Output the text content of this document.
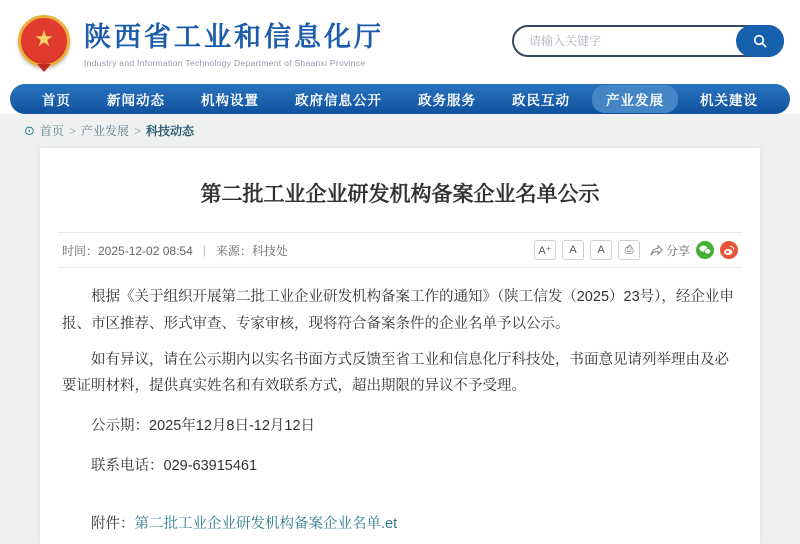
★ 陕西省工业和信息化厅
Industry and Information Technology Department of Shaanxi Province
请输入关键字
首页	新闻动态	机构设置	政府信息公开	政务服务	政民互动	产业发展	机关建设
⊙ 首页 > 产业发展 > 科技动态
第二批工业企业研发机构备案企业名单公示
时间：2025-12-02 08:54 | 来源：科技处	A⁺	A	A	⎙	分享

根据《关于组织开展第二批工业企业研发机构备案工作的通知》（陕工信发（2025）23号），经企业申报、市区推荐、形式审查、专家审核，现将符合备案条件的企业名单予以公示。

如有异议，请在公示期内以实名书面方式反馈至省工业和信息化厅科技处，书面意见请列举理由及必要证明材料，提供真实姓名和有效联系方式，超出期限的异议不予受理。

公示期：2025年12月8日-12月12日

联系电话：029-63915461

附件：第二批工业企业研发机构备案企业名单.et
